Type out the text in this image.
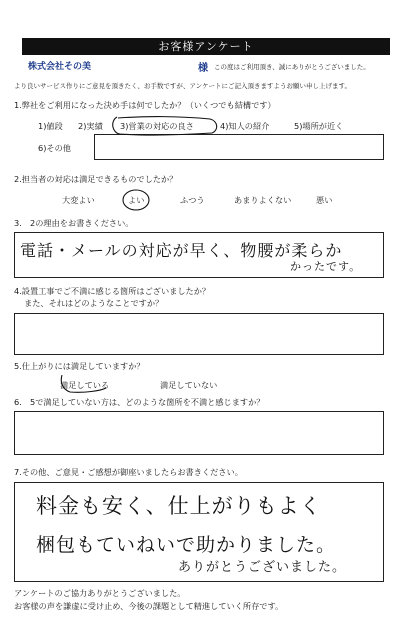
お客様アンケート
株式会社その美	様 この度はご利用頂き、誠にありがとうございました。
より良いサービス作りにご意見を頂きたく、お手数ですが、アンケートにご記入頂きますようお願い申し上げます。
1.弊社をご利用になった決め手は何でしたか？（いくつでも結構です）
1)値段 2)実績 3)営業の対応の良さ	4)知人の紹介	5)場所が近く
6)その他
2.担当者の対応は満足できるものでしたか？
大変よい	よい	ふつう	あまりよくない	悪い
3.　2の理由をお書きください。
電話・メールの対応が早く、物腰が柔らか
かったです。
4.設置工事でご不満に感じる箇所はございましたか？
また、それはどのようなことですか？
5.仕上がりには満足していますか？
満足している	満足していない
6.　5で満足していない方は、どのような箇所を不満と感じますか？
7.その他、ご意見・ご感想が御座いましたらお書きください。
料金も安く、仕上がりもよく
梱包もていねいで助かりました。
ありがとうございました。
アンケートのご協力ありがとうございました。
お客様の声を謙虚に受け止め、今後の課題として精進していく所存です。
